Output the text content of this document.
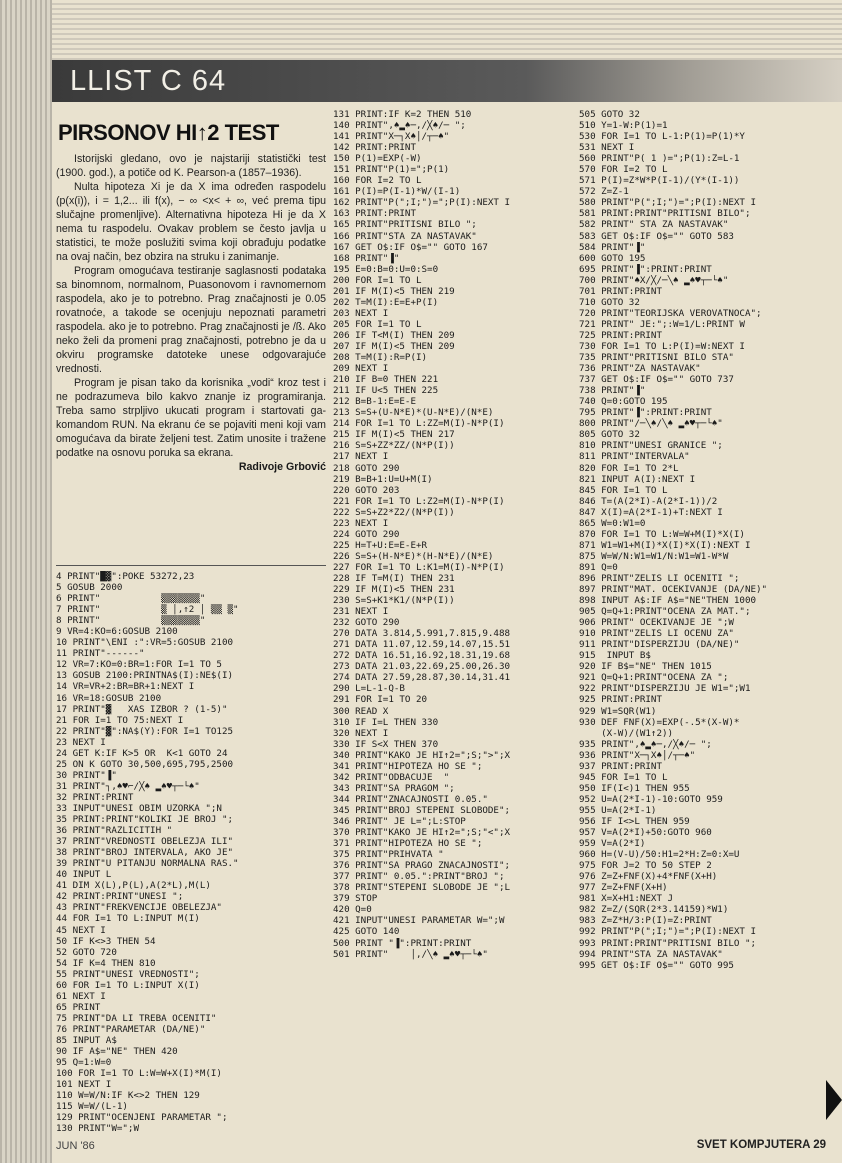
LLIST C 64
PIRSONOV HI↑2 TEST

Istorijski gledano, ovo je najstariji statistički test (1900. god.), a potiče od K. Pearson-a (1857–1936).

Nulta hipoteza Xi je da X ima određen raspodelu (p(x(i)), i = 1,2... ili f(x), − ∞ <x< + ∞, već prema tipu slučajne promenljive). Alternativna hipoteza Hi je da X nema tu raspodelu. Ovakav problem se često javlja u statistici, te može poslužiti svima koji obrađuju podatke na ovaj način, bez obzira na struku i zanimanje.

Program omogućava testiranje saglasnosti podataka sa binomnom, normalnom, Puasonovom i ravnomernom raspodela, ako je to potrebno. Prag značajnosti je 0.05 rovatnoće, a takode se ocenjuju nepoznati parametri raspodela. ako je to potrebno. Prag značajnosti je /ß. Ako neko želi da promeni prag značajnosti, potrebno je da u okviru programske datoteke unese odgovarajuće vrednosti.

Program je pisan tako da korisnika „vodi“ kroz test i ne podrazumeva bilo kakvo znanje iz programiranja. Treba samo strpljivo ukucati program i startovati ga-komandom RUN. Na ekranu će se pojaviti meni koji vam omogućava da birate željeni test. Zatim unosite i tražene podatke na osnovu poruka sa ekrana.

Radivoje Grbović
4 PRINT"█▓":POKE 53272,23
5 GOSUB 2000
6 PRINT"           ▒▒▒▒▒▒▒"
7 PRINT"           ▒ │,↑2 │ ▒▒ ▒"
8 PRINT"           ▒▒▒▒▒▒▒"
9 VR=4:KO=6:GOSUB 2100
10 PRINT"\ENI :":VR=5:GOSUB 2100
11 PRINT"------"
12 VR=7:KO=0:BR=1:FOR I=1 TO 5
13 GOSUB 2100:PRINTNA$(I):NE$(I)
14 VR=VR+2:BR=BR+1:NEXT I
16 VR=18:GOSUB 2100
17 PRINT"▓   XAS IZBOR ? (1-5)"
21 FOR I=1 TO 75:NEXT I
22 PRINT"▓":NA$(Y):FOR I=1 TO125
23 NEXT I
24 GET K:IF K>5 OR  K<1 GOTO 24
25 ON K GOTO 30,500,695,795,2500
30 PRINT"▐"
31 PRINT"┐,♠♥⌐/╳♠ ▂♠♥┬─└♠"
32 PRINT:PRINT
33 INPUT"UNESI OBIM UZORKA ";N
35 PRINT:PRINT"KOLIKI JE BROJ ";
36 PRINT"RAZLICITIH "
37 PRINT"VREDNOSTI OBELEZJA ILI"
38 PRINT"BROJ INTERVALA, AKO JE"
39 PRINT"U PITANJU NORMALNA RAS."
40 INPUT L
41 DIM X(L),P(L),A(2*L),M(L)
42 PRINT:PRINT"UNESI ";
43 PRINT"FREKVENCIJE OBELEZJA"
44 FOR I=1 TO L:INPUT M(I)
45 NEXT I
50 IF K<>3 THEN 54
52 GOTO 720
54 IF K=4 THEN 810
55 PRINT"UNESI VREDNOSTI";
60 FOR I=1 TO L:INPUT X(I)
61 NEXT I
65 PRINT
75 PRINT"DA LI TREBA OCENITI"
76 PRINT"PARAMETAR (DA/NE)"
85 INPUT A$
90 IF A$="NE" THEN 420
95 Q=1:W=0
100 FOR I=1 TO L:W=W+X(I)*M(I)
101 NEXT I
110 W=W/N:IF K<>2 THEN 129
115 W=W/(L-1)
129 PRINT"OCENJENI PARAMETAR ";
130 PRINT"W=";W
131 PRINT:IF K=2 THEN 510
140 PRINT",♠▂♠─,/╳♠/─ ";
141 PRINT"X─┐X♠│/┬─♠"
142 PRINT:PRINT
150 P(1)=EXP(-W)
151 PRINT"P(1)=";P(1)
160 FOR I=2 TO L
161 P(I)=P(I-1)*W/(I-1)
162 PRINT"P(";I;")=";P(I):NEXT I
163 PRINT:PRINT
165 PRINT"PRITISNI BILO ";
166 PRINT"STA ZA NASTAVAK"
167 GET O$:IF O$="" GOTO 167
168 PRINT"▐"
195 E=0:B=0:U=0:S=0
200 FOR I=1 TO L
201 IF M(I)<5 THEN 219
202 T=M(I):E=E+P(I)
203 NEXT I
205 FOR I=1 TO L
206 IF T<M(I) THEN 209
207 IF M(I)<5 THEN 209
208 T=M(I):R=P(I)
209 NEXT I
210 IF B=0 THEN 221
211 IF U<5 THEN 225
212 B=B-1:E=E-E
213 S=S+(U-N*E)*(U-N*E)/(N*E)
214 FOR I=1 TO L:ZZ=M(I)-N*P(I)
215 IF M(I)<5 THEN 217
216 S=S+ZZ*ZZ/(N*P(I))
217 NEXT I
218 GOTO 290
219 B=B+1:U=U+M(I)
220 GOTO 203
221 FOR I=1 TO L:Z2=M(I)-N*P(I)
222 S=S+Z2*Z2/(N*P(I))
223 NEXT I
224 GOTO 290
225 H=T+U:E=E-E+R
226 S=S+(H-N*E)*(H-N*E)/(N*E)
227 FOR I=1 TO L:K1=M(I)-N*P(I)
228 IF T=M(I) THEN 231
229 IF M(I)<5 THEN 231
230 S=S+K1*K1/(N*P(I))
231 NEXT I
232 GOTO 290
270 DATA 3.814,5.991,7.815,9.488
271 DATA 11.07,12.59,14.07,15.51
272 DATA 16.51,16.92,18.31,19.68
273 DATA 21.03,22.69,25.00,26.30
274 DATA 27.59,28.87,30.14,31.41
290 L=L-1-Q-B
291 FOR I=1 TO 20
300 READ X
310 IF I=L THEN 330
320 NEXT I
330 IF S<X THEN 370
340 PRINT"KAKO JE HI↑2=";S;">";X
341 PRINT"HIPOTEZA HO SE ";
342 PRINT"ODBACUJE  "
343 PRINT"SA PRAGOM ";
344 PRINT"ZNACAJNOSTI 0.05."
345 PRINT"BROJ STEPENI SLOBODE";
346 PRINT" JE L=";L:STOP
370 PRINT"KAKO JE HI↑2=";S;"<";X
371 PRINT"HIPOTEZA HO SE ";
375 PRINT"PRIHVATA "
376 PRINT"SA PRAGO ZNACAJNOSTI";
377 PRINT" 0.05.":PRINT"BROJ ";
378 PRINT"STEPENI SLOBODE JE ";L
379 STOP
420 Q=0
421 INPUT"UNESI PARAMETAR W=";W
425 GOTO 140
500 PRINT "▐":PRINT:PRINT
501 PRINT"    │,/╲♠ ▂♠♥┬─└♠"
505 GOTO 32
510 Y=1-W:P(1)=1
530 FOR I=1 TO L-1:P(1)=P(1)*Y
531 NEXT I
560 PRINT"P( 1 )=";P(1):Z=L-1
570 FOR I=2 TO L
571 P(I)=Z*W*P(I-1)/(Y*(I-1))
572 Z=Z-1
580 PRINT"P(";I;")=";P(I):NEXT I
581 PRINT:PRINT"PRITISNI BILO";
582 PRINT" STA ZA NASTAVAK"
583 GET O$:IF O$="" GOTO 583
584 PRINT"▐"
600 GOTO 195
695 PRINT"▐":PRINT:PRINT
700 PRINT"♠X/╳/─╲♠ ▂♠♥┬─└♠"
701 PRINT:PRINT
710 GOTO 32
720 PRINT"TEORIJSKA VEROVATNOCA";
721 PRINT" JE:";:W=1/L:PRINT W
725 PRINT:PRINT
730 FOR I=1 TO L:P(I)=W:NEXT I
735 PRINT"PRITISNI BILO STA"
736 PRINT"ZA NASTAVAK"
737 GET O$:IF O$="" GOTO 737
738 PRINT"▐"
740 Q=0:GOTO 195
795 PRINT"▐":PRINT:PRINT
800 PRINT"/─╲♠/╲♠ ▂♠♥┬─└♠"
805 GOTO 32
810 PRINT"UNESI GRANICE ";
811 PRINT"INTERVALA"
820 FOR I=1 TO 2*L
821 INPUT A(I):NEXT I
845 FOR I=1 TO L
846 T=(A(2*I)-A(2*I-1))/2
847 X(I)=A(2*I-1)+T:NEXT I
865 W=0:W1=0
870 FOR I=1 TO L:W=W+M(I)*X(I)
871 W1=W1+M(I)*X(I)*X(I):NEXT I
875 W=W/N:W1=W1/N:W1=W1-W*W
891 Q=0
896 PRINT"ZELIS LI OCENITI ";
897 PRINT"MAT. OCEKIVANJE (DA/NE)"
898 INPUT A$:IF A$="NE"THEN 1000
905 Q=Q+1:PRINT"OCENA ZA MAT.";
906 PRINT" OCEKIVANJE JE ";W
910 PRINT"ZELIS LI OCENU ZA"
911 PRINT"DISPERZIJU (DA/NE)"
915  INPUT B$
920 IF B$="NE" THEN 1015
921 Q=Q+1:PRINT"OCENA ZA ";
922 PRINT"DISPERZIJU JE W1=";W1
925 PRINT:PRINT
929 W1=SQR(W1)
930 DEF FNF(X)=EXP(-.5*(X-W)*
(X-W)/(W1↑2))
935 PRINT",♠▂♠─,/╳♠/─ ";
936 PRINT"X─┐X♠│/┬─♠"
937 PRINT:PRINT
945 FOR I=1 TO L
950 IF(I<)1 THEN 955
952 U=A(2*I-1)-10:GOTO 959
955 U=A(2*I-1)
956 IF I<>L THEN 959
957 V=A(2*I)+50:GOTO 960
959 V=A(2*I)
960 H=(V-U)/50:H1=2*H:Z=0:X=U
975 FOR J=2 TO 50 STEP 2
976 Z=Z+FNF(X)+4*FNF(X+H)
977 Z=Z+FNF(X+H)
981 X=X+H1:NEXT J
982 Z=Z/(SQR(2*3.14159)*W1)
983 Z=Z*H/3:P(I)=Z:PRINT
992 PRINT"P(";I;")=";P(I):NEXT I
993 PRINT:PRINT"PRITISNI BILO ";
994 PRINT"STA ZA NASTAVAK"
995 GET O$:IF O$="" GOTO 995
JUN '86	SVET KOMPJUTERA 29
